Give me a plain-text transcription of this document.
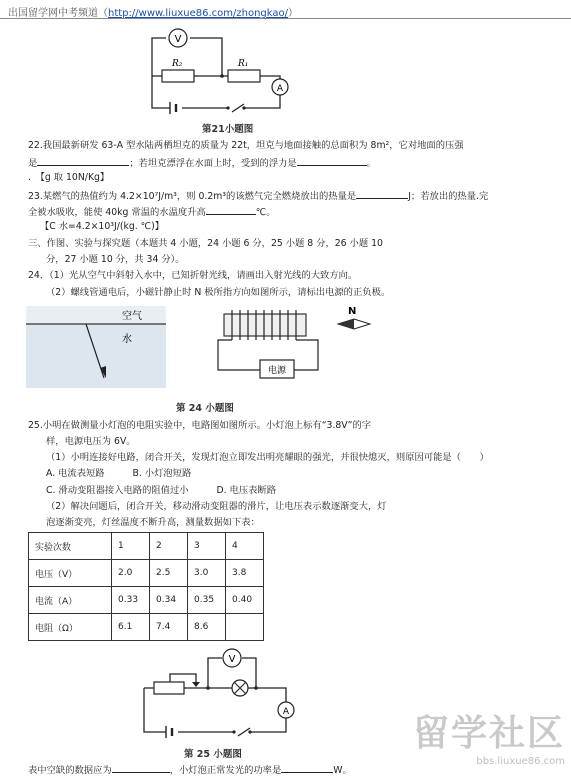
出国留学网中考频道（http://www.liuxue86.com/zhongkao/）
V
A
R₂	R₁
第21小题图
22.我国最新研发 63-A 型水陆两栖坦克的质量为 22t，坦克与地面接触的总面积为 8m²，它对地面的压强
是	；若坦克漂浮在水面上时，受到的浮力是	。
.　【g 取 10N/Kg】
23.某燃气的热值约为 4.2×10⁷J/m³，则 0.2m³的该燃气完全燃烧放出的热量是	J；若放出的热量.完
全被水吸收，能使 40kg 常温的水温度升高	℃。
【C 水=4.2×10³J/(kg. ℃)】
三、作图、实验与探究题（本题共 4 小题，24 小题 6 分，25 小题 8 分，26 小题 10
分，27 小题 10 分，共 34 分）。
24．（1）光从空气中斜射入水中，已知折射光线，请画出入射光线的大致方向。
（2）螺线管通电后，小磁针静止时 N 极所指方向如图所示，请标出电源的正负极。
空气
水
电源
N
第 24 小题图
25.小明在做测量小灯泡的电阻实验中，电路图如图所示。小灯泡上标有“3.8V”的字
样，电源电压为 6V。
（1）小明连接好电路，闭合开关，发现灯泡立即发出明亮耀眼的强光，并很快熄灭，则原因可能是（　　）
A. 电流表短路　　　	B. 小灯泡短路
C. 滑动变阻器接入电路的阻值过小　　　	D. 电压表断路
（2）解决问题后，闭合开关，移动滑动变阻器的滑片，让电压表示数逐渐变大，灯
泡逐渐变亮，灯丝温度不断升高，测量数据如下表：
实验次数	1	2	3	4
电压（V）	2.0	2.5	3.0	3.8
电流（A）	0.33	0.34	0.35	0.40
电阻（Ω）	6.1	7.4	8.6	
V
A
第 25 小题图
表中空缺的数据应为	，小灯泡正常发光的功率是	W。
留学社区
bbs.liuxue86.com
